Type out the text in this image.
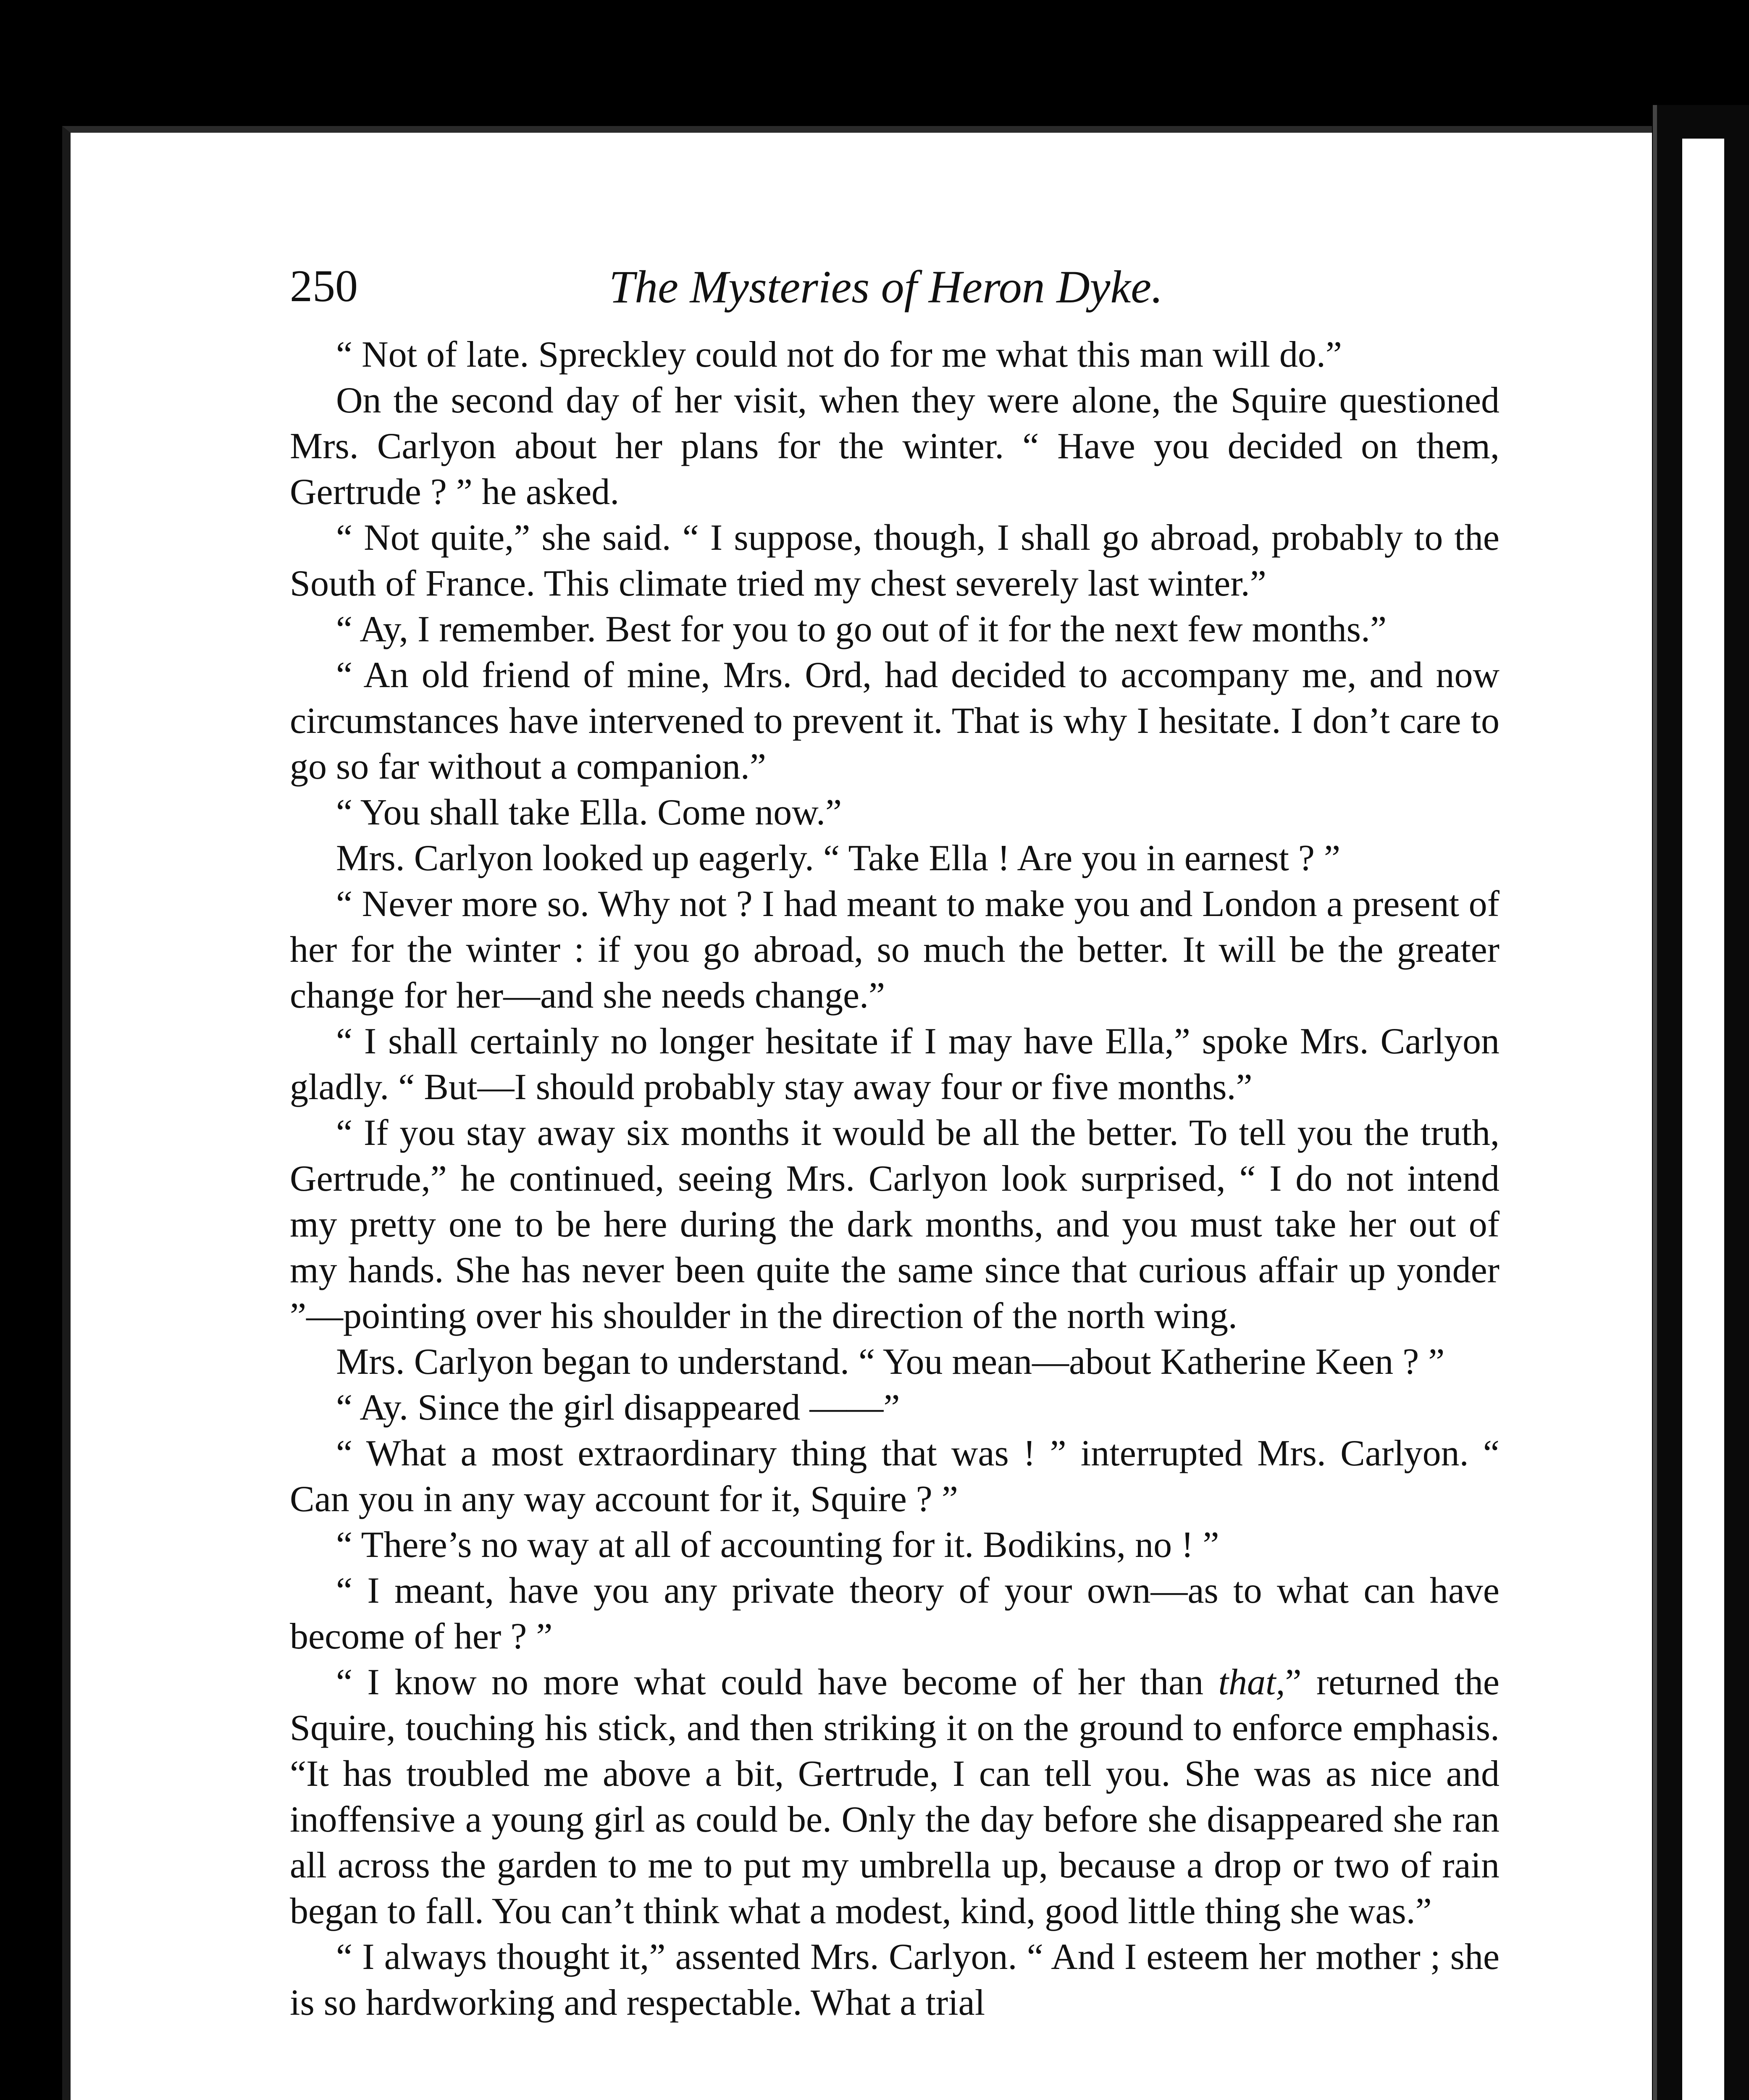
250	The Mysteries of Heron Dyke.

“ Not of late. Spreckley could not do for me what this man will do.”

On the second day of her visit, when they were alone, the Squire questioned Mrs. Carlyon about her plans for the winter. “ Have you decided on them, Gertrude ? ” he asked.

“ Not quite,” she said. “ I suppose, though, I shall go abroad, probably to the South of France. This climate tried my chest severely last winter.”

“ Ay, I remember. Best for you to go out of it for the next few months.”

“ An old friend of mine, Mrs. Ord, had decided to accompany me, and now circumstances have intervened to prevent it. That is why I hesitate. I don’t care to go so far without a companion.”

“ You shall take Ella. Come now.”

Mrs. Carlyon looked up eagerly. “ Take Ella ! Are you in earnest ? ”

“ Never more so. Why not ? I had meant to make you and London a present of her for the winter : if you go abroad, so much the better. It will be the greater change for her—and she needs change.”

“ I shall certainly no longer hesitate if I may have Ella,” spoke Mrs. Carlyon gladly. “ But—I should probably stay away four or five months.”

“ If you stay away six months it would be all the better. To tell you the truth, Gertrude,” he continued, seeing Mrs. Carlyon look surprised, “ I do not intend my pretty one to be here during the dark months, and you must take her out of my hands. She has never been quite the same since that curious affair up yonder ”—pointing over his shoulder in the direction of the north wing.

Mrs. Carlyon began to understand. “ You mean—about Katherine Keen ? ”

“ Ay. Since the girl disappeared ——”

“ What a most extraordinary thing that was ! ” interrupted Mrs. Carlyon. “ Can you in any way account for it, Squire ? ”

“ There’s no way at all of accounting for it. Bodikins, no ! ”

“ I meant, have you any private theory of your own—as to what can have become of her ? ”

“ I know no more what could have become of her than that,” returned the Squire, touching his stick, and then striking it on the ground to enforce emphasis. “It has troubled me above a bit, Gertrude, I can tell you. She was as nice and inoffensive a young girl as could be. Only the day before she disappeared she ran all across the garden to me to put my umbrella up, because a drop or two of rain began to fall. You can’t think what a modest, kind, good little thing she was.”

“ I always thought it,” assented Mrs. Carlyon. “ And I esteem her mother ; she is so hardworking and respectable. What a trial
